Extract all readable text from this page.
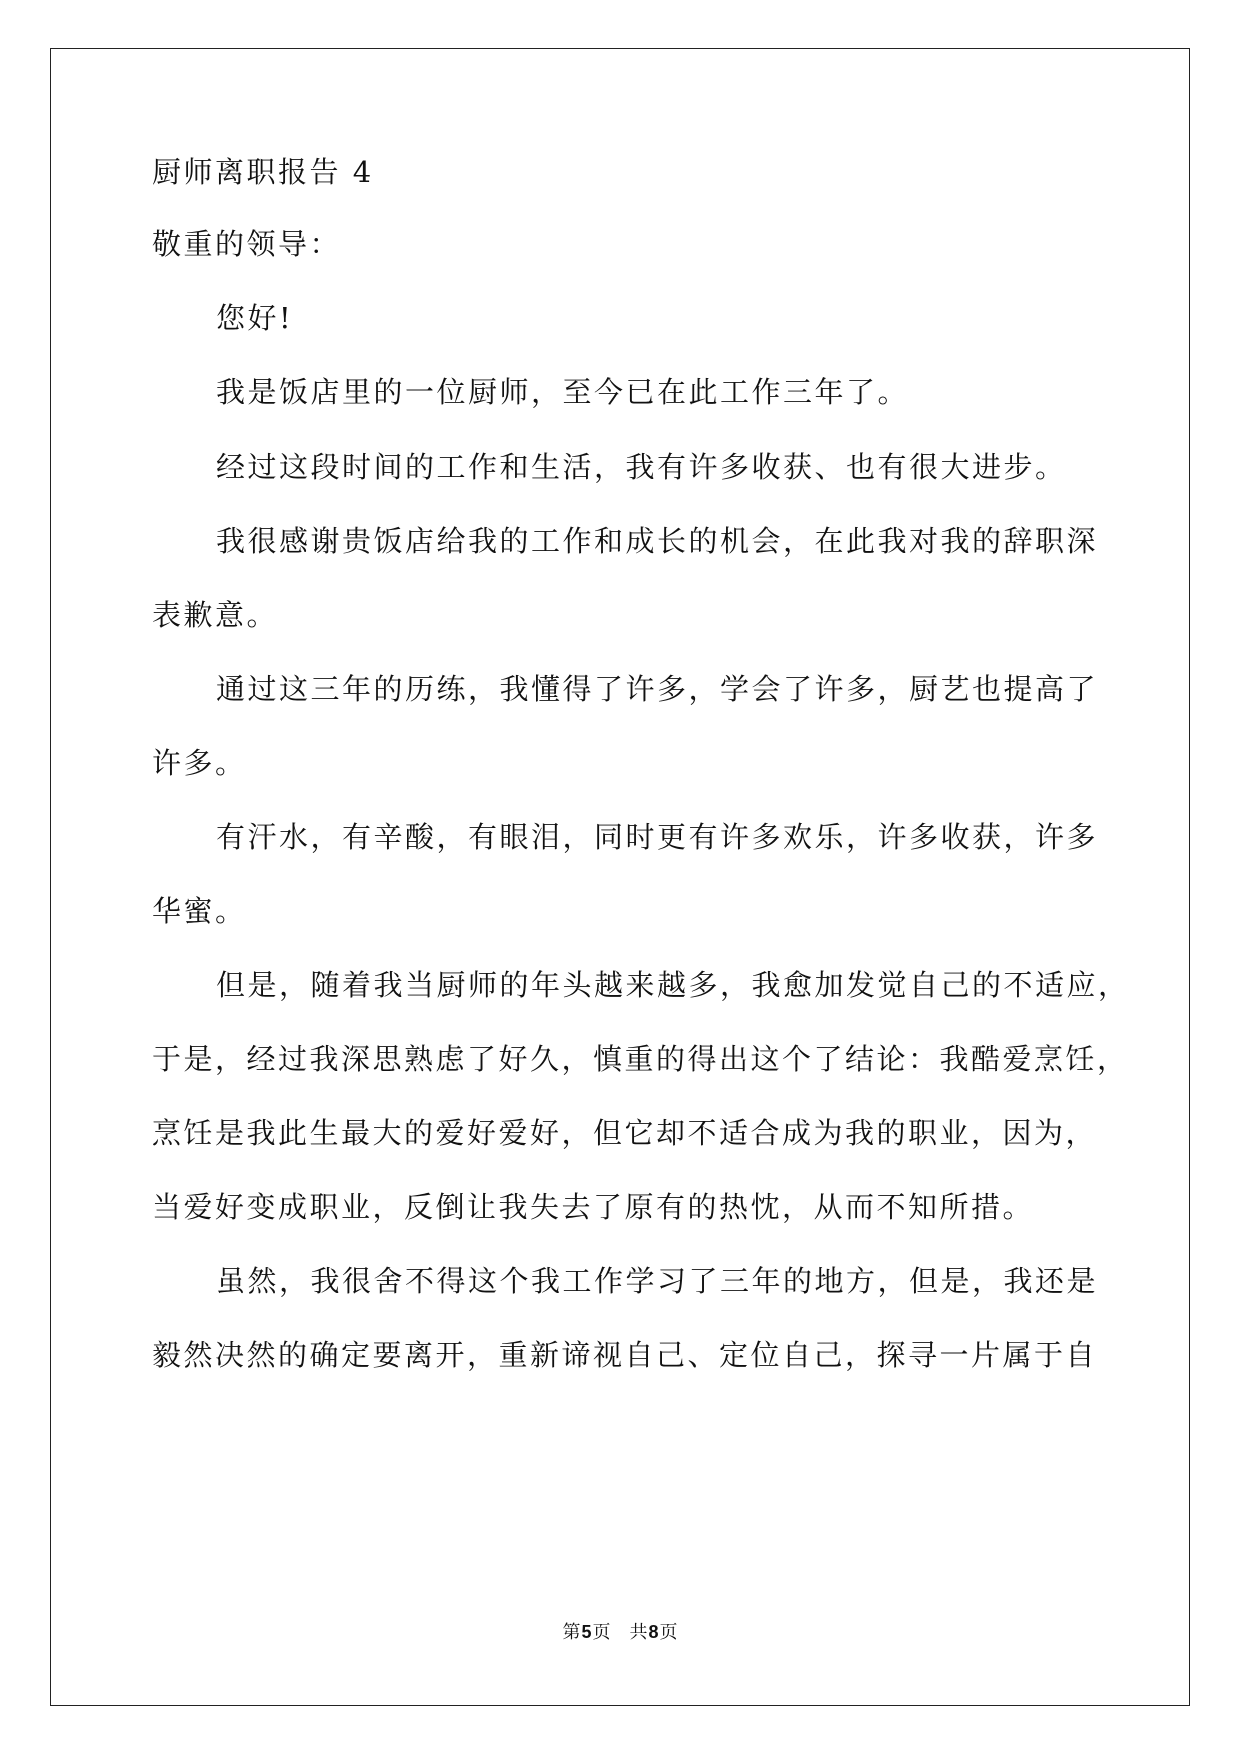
厨师离职报告 4
敬重的领导：
您好!
我是饭店里的一位厨师，至今已在此工作三年了。
经过这段时间的工作和生活，我有许多收获、也有很大进步。
我很感谢贵饭店给我的工作和成长的机会，在此我对我的辞职深
表歉意。
通过这三年的历练，我懂得了许多，学会了许多，厨艺也提高了
许多。
有汗水，有辛酸，有眼泪，同时更有许多欢乐，许多收获，许多
华蜜。
但是，随着我当厨师的年头越来越多，我愈加发觉自己的不适应，
于是，经过我深思熟虑了好久，慎重的得出这个了结论：我酷爱烹饪，
烹饪是我此生最大的爱好爱好，但它却不适合成为我的职业，因为，
当爱好变成职业，反倒让我失去了原有的热忱，从而不知所措。
虽然，我很舍不得这个我工作学习了三年的地方，但是，我还是
毅然决然的确定要离开，重新谛视自己、定位自己，探寻一片属于自
第5页 共8页
